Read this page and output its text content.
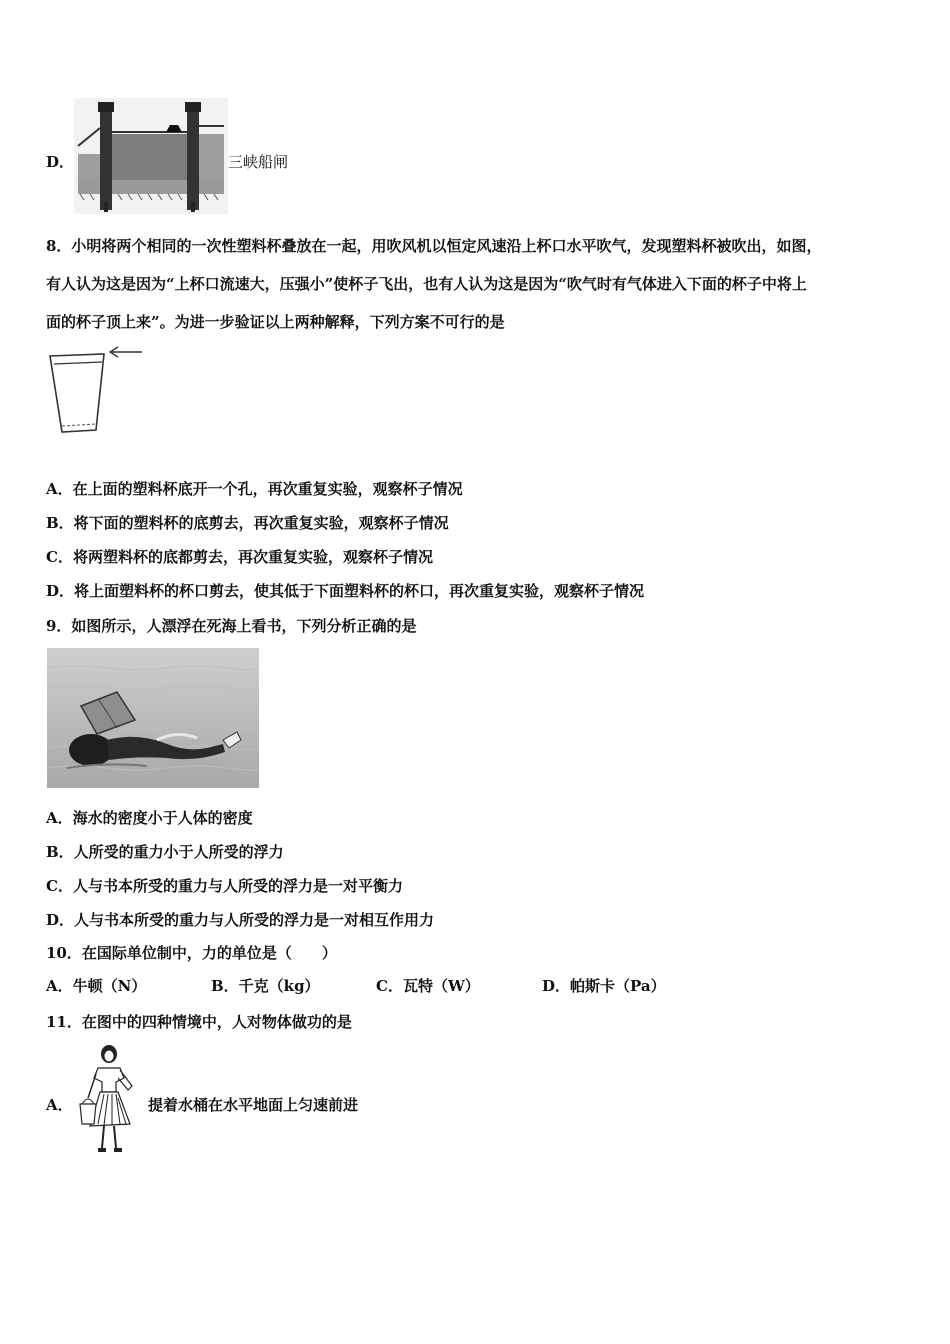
D．	三峡船闸
8．小明将两个相同的一次性塑料杯叠放在一起，用吹风机以恒定风速沿上杯口水平吹气，发现塑料杯被吹出，如图，
有人认为这是因为“上杯口流速大，压强小”使杯子飞出，也有人认为这是因为“吹气时有气体进入下面的杯子中将上
面的杯子顶上来”。为进一步验证以上两种解释，下列方案不可行的是
A．在上面的塑料杯底开一个孔，再次重复实验，观察杯子情况
B．将下面的塑料杯的底剪去，再次重复实验，观察杯子情况
C．将两塑料杯的底都剪去，再次重复实验，观察杯子情况
D．将上面塑料杯的杯口剪去，使其低于下面塑料杯的杯口，再次重复实验，观察杯子情况
9．如图所示，人漂浮在死海上看书，下列分析正确的是
A．海水的密度小于人体的密度
B．人所受的重力小于人所受的浮力
C．人与书本所受的重力与人所受的浮力是一对平衡力
D．人与书本所受的重力与人所受的浮力是一对相互作用力
10．在国际单位制中，力的单位是（　　）
A．牛顿（N）	B．千克（kg）	C．瓦特（W）	D．帕斯卡（Pa）
11．在图中的四种情境中，人对物体做功的是
A．	提着水桶在水平地面上匀速前进
